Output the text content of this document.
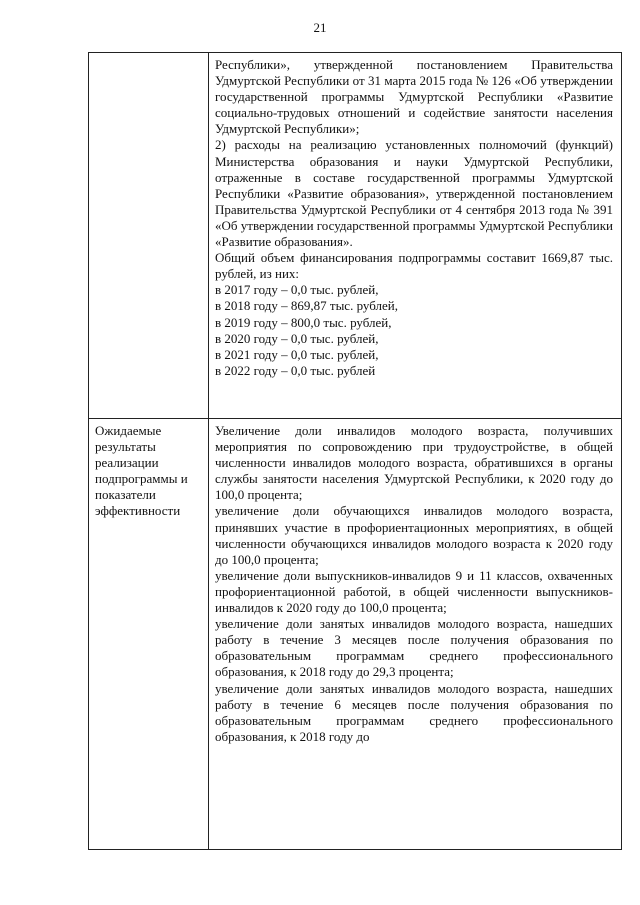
21

Республики», утвержденной постановлением Правительства Удмуртской Республики от 31 марта 2015 года № 126 «Об утверждении государственной программы Удмуртской Республики «Развитие социально-трудовых отношений и содействие занятости населения Удмуртской Республики»;

2) расходы на реализацию установленных полномочий (функций) Министерства образования и науки Удмуртской Республики, отраженные в составе государственной программы Удмуртской Республики «Развитие образования», утвержденной постановлением Правительства Удмуртской Республики от 4 сентября 2013 года № 391 «Об утверждении государственной программы Удмуртской Республики «Развитие образования».

Общий объем финансирования подпрограммы составит 1669,87 тыс. рублей, из них:

в 2017 году – 0,0 тыс. рублей,

в 2018 году – 869,87 тыс. рублей,

в 2019 году – 800,0 тыс. рублей,

в 2020 году – 0,0 тыс. рублей,

в 2021 году – 0,0 тыс. рублей,

в 2022 году – 0,0 тыс. рублей

Ожидаемые результаты реализации подпрограммы и показатели эффективности

Увеличение доли инвалидов молодого возраста, получивших мероприятия по сопровождению при трудоустройстве, в общей численности инвалидов молодого возраста, обратившихся в органы службы занятости населения Удмуртской Республики, к 2020 году до 100,0 процента;

увеличение доли обучающихся инвалидов молодого возраста, принявших участие в профориентационных мероприятиях, в общей численности обучающихся инвалидов молодого возраста к 2020 году до 100,0 процента;

увеличение доли выпускников-инвалидов 9 и 11 классов, охваченных профориентационной работой, в общей численности выпускников-инвалидов к 2020 году до 100,0 процента;

увеличение доли занятых инвалидов молодого возраста, нашедших работу в течение 3 месяцев после получения образования по образовательным программам среднего профессионального образования, к 2018 году до 29,3 процента;

увеличение доли занятых инвалидов молодого возраста, нашедших работу в течение 6 месяцев после получения образования по образовательным программам среднего профессионального образования, к 2018 году до
